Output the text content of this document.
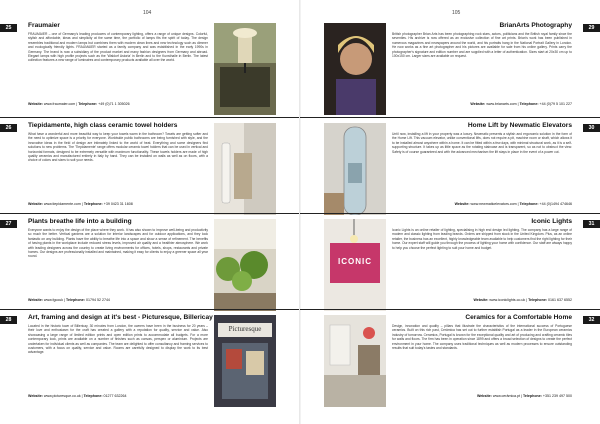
104
25	Fraumaier
FRAUMAIER – one of Germany's leading producers of contemporary lighting, offers a range of unique designs. Colorful, stylish and affordable, ideas and simplicity at the same time, the portfolio of lamps fits the spirit of today. The design resembles traditional and modern lamps but combines them with modern clean lines and new technology such as dimmer and ecologically friendly lights. FRAUMAIER started as a family company and was established in the early 1990s in Germany. The brand is now a subsidiary of the product market and many fashion designers from Germany and abroad. Elegant lamps with high profile projects such as the 'Waldorf Astoria' in Berlin and to the Kunsthalle in Berlin. The latest collection features a new range of luminaires and contemporary products available all over the world.
Website: www.fraumaier.com | Telephone: +49 (0)71 1 305026
26	Tiepidamente, high class ceramic towel holders
What have a wonderful and more beautiful way to keep your towels warm in the bathroom? Towels are getting softer and the need to optimize space is a priority for everyone. Worldwide public bathrooms are being furnished with style, and the innovative ideas in the field of design are intimately linked to the world of heat. Everything and some designers find solutions to new problems. The 'Tiepidamente' range offers modular ceramic towel holders that can be used in vertical and horizontal formats, designed to be extremely versatile with maximum functionality. These towels holders are made of high quality ceramics and manufactured entirely in Italy by hand. They can be installed on walls as well as on floors, with a choice of colors and sizes to suit your needs.
Website: www.tiepidamente.com | Telephone: +39 0423 31 1608
27	Plants breathe life into a building
Everyone wants to enjoy the design of the place where they work. It has also shown to improve well-being and productivity so much the better. Vertical gardens are a solution for interior landscapes and for outdoor applications, and they look fantastic on any building. Plants have the ability to breathe life into a space and show a sense of refinement. The benefits of having plants in the workplace include reduced stress levels, improved air quality and a healthier atmosphere. We work with leading designers across the country to create living environments for offices, hotels, shops, restaurants and private homes. Our designs are professionally installed and maintained, making it easy for clients to enjoy a greener space all year round.
Website: www.fgcouk | Telephone: 01794 52 2744
28	Art, framing and design at it's best - Picturesque, Billericay
Located in the historic town of Billericay, 30 minutes from London, the owners have been in the business for 20 years – their love and enthusiasm for the craft has created a gallery with a reputation for quality, service and value. Also showcasing a large range of limited edition prints and open edition prints to accommodate all budgets. For a more contemporary look, prints are available on a number of finishes such as canvas, perspex or aluminium. Projects are undertaken for individual clients as well as companies. The team are delighted to offer consultancy and framing services to customers, with a focus on quality, service and value. Rooms are carefully designed to display the work to its best advantage.
Website: www.picturesque.co.uk | Telephone: 01277 632264
Picturesque
105
29
BrianArts Photography
British photographer Brian Arts has been photographing rock stars, actors, politicians and the British royal family since the seventies. His archive is now offered as an exclusive collection of fine art prints. Brian's work has been published in numerous magazines and newspapers around the world, and his portraits hang in the National Portrait Gallery in London. He now works as a fine art photographer and his pictures are available for sale from his online gallery. Prints carry the photographer's signature and edition number and are supplied with a letter of authentication. Sizes start at 20x30 cm up to 100x150 cm. Larger sizes are available on request.
Website: www.brianarts.com | Telephone: +44 (0)79 5 101 227
30
Home Lift by Newmatic Elevators
Until now, installing a lift in your property was a luxury. Newmatic presents a stylish and ergonomic solution in the form of the Home Lift. This vacuum elevator, unlike conventional lifts, does not require a pit, machine room or shaft, which allows it to be installed almost anywhere within a home. It can be fitted within a few days, with minimal structural work, as it is a self-supporting structure. It takes up as little space as the rotating staircase and is transparent, so as not to obstruct the view. Safety is of course guaranteed and with the advanced mechanism the lift stays in place in the event of a power cut.
Website: www.newmaticelevators.com | Telephone: +44 (0)1494 474646
31
ICONIC
Iconic Lights
Iconic Lights is an online retailer of lighting, specialising in high end design led lighting. The company has a large range of modern and classic lighting from leading brands. Orders are shipped from stock in the United Kingdom. Plus, as an online retailer, the business has an excellent, highly knowledgeable team available to help customers find the right lighting for their home. Our expert staff will guide you through the process of lighting your home with confidence. Our staff are always happy to help you choose the perfect lighting to suit your home and budget.
Website: www.iconiclights.co.uk | Telephone: 0161 637 6552
32
Ceramics for a Comfortable Home
Design, innovation and quality – pillars that illustrate the characteristics of the international success of Portuguese ceramics. Built on this rich past, Cerâmica has set out to further establish Portugal as a leader in the European ceramics industry of tomorrow. Ceramics, Portugal is known for the exceptional quality and art of producing and crafting ceramic tiles for walls and floors. The firm has been in operation since 1899 and offers a broad selection of designs to create the perfect environment in your home. The company uses traditional techniques as well as modern processes to ensure outstanding results that suit today's tastes and standards.
Website: www.cerâmica.pt | Telephone: +351 239 497 500
